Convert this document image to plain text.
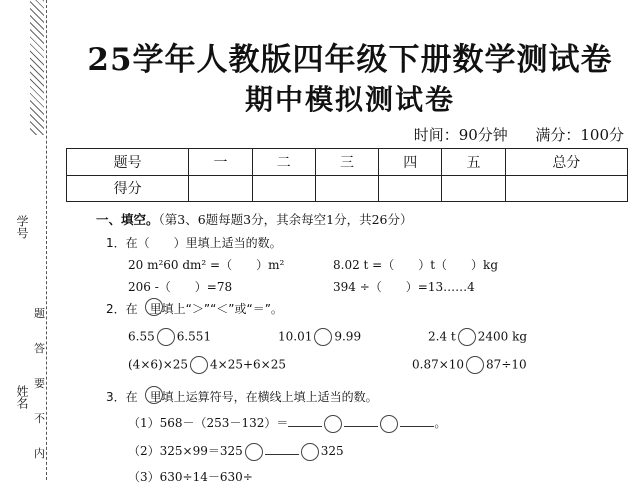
学号
姓名
题
答
要
不
内
25学年人教版四年级下册数学测试卷
期中模拟测试卷
时间：90分钟 满分：100分
题号	一	二	三	四	五	总分
得分						
一、填空。（第3、6题每题3分，其余每空1分，共26分）
1．在（　　）里填上适当的数。
20 m²60 dm² =（　　）m²	8.02 t =（　　）t（　　）kg
206 -（　　）=78	394 ÷（　　）=13……4
2．在　里填上“＞”“＜”或“＝”。
6.55 6.551	10.01 9.99	2.4 t 2400 kg
(4×6)×25 4×25+6×25	0.87×10 87÷10
3．在　里填上运算符号，在横线上填上适当的数。
（1）568－（253－132）＝	。
（2）325×99＝325	325
（3）630÷14－630÷
